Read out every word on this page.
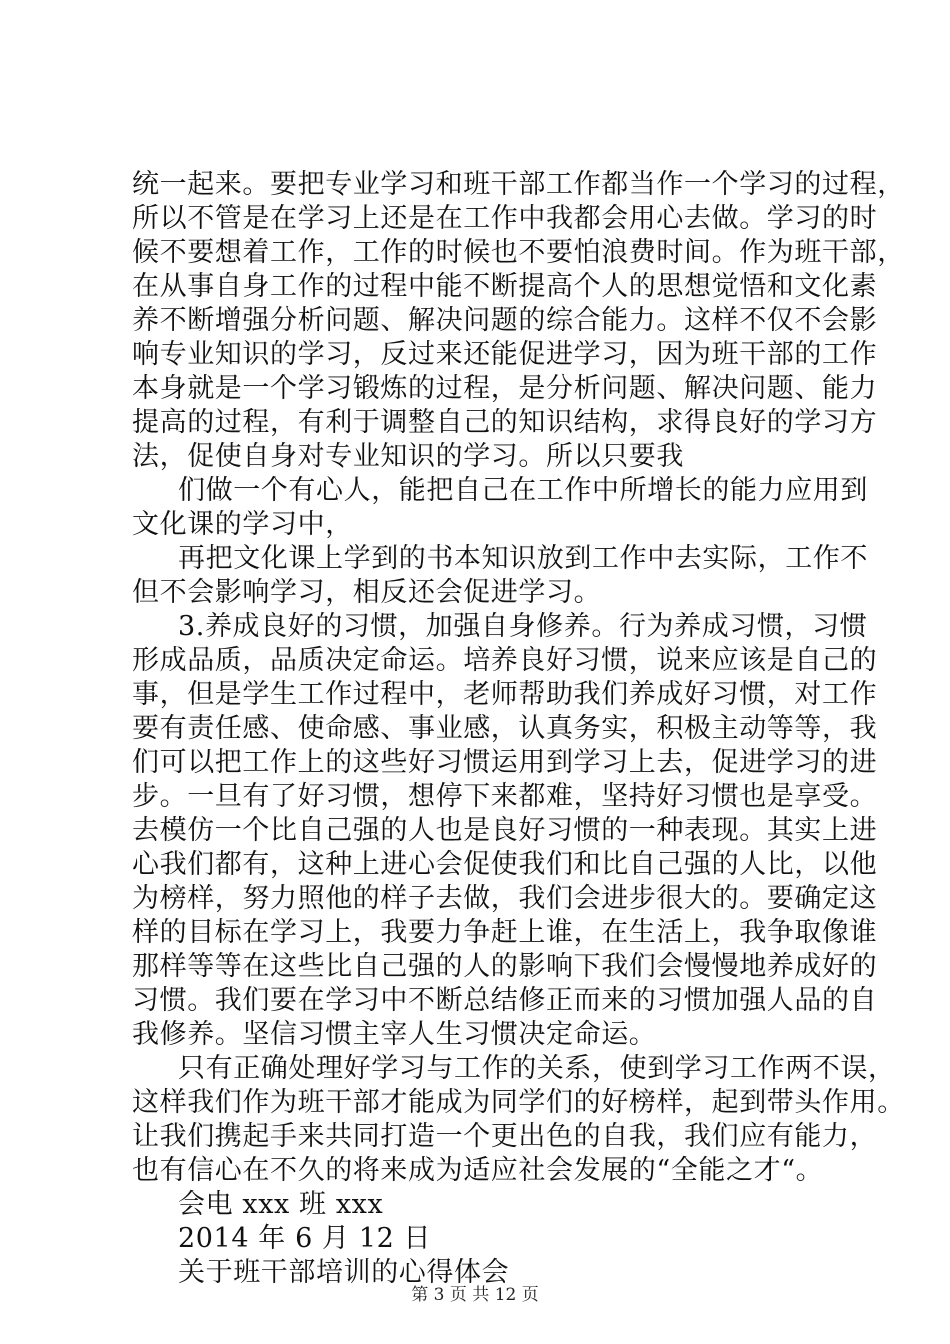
统一起来。要把专业学习和班干部工作都当作一个学习的过程，
所以不管是在学习上还是在工作中我都会用心去做。学习的时
候不要想着工作，工作的时候也不要怕浪费时间。作为班干部，
在从事自身工作的过程中能不断提高个人的思想觉悟和文化素
养不断增强分析问题、解决问题的综合能力。这样不仅不会影
响专业知识的学习，反过来还能促进学习，因为班干部的工作
本身就是一个学习锻炼的过程，是分析问题、解决问题、能力
提高的过程，有利于调整自己的知识结构，求得良好的学习方
法，促使自身对专业知识的学习。所以只要我
们做一个有心人，能把自己在工作中所增长的能力应用到
文化课的学习中，
再把文化课上学到的书本知识放到工作中去实际，工作不
但不会影响学习，相反还会促进学习。
3.养成良好的习惯，加强自身修养。行为养成习惯，习惯
形成品质，品质决定命运。培养良好习惯，说来应该是自己的
事，但是学生工作过程中，老师帮助我们养成好习惯，对工作
要有责任感、使命感、事业感，认真务实，积极主动等等，我
们可以把工作上的这些好习惯运用到学习上去，促进学习的进
步。一旦有了好习惯，想停下来都难，坚持好习惯也是享受。
去模仿一个比自己强的人也是良好习惯的一种表现。其实上进
心我们都有，这种上进心会促使我们和比自己强的人比，以他
为榜样，努力照他的样子去做，我们会进步很大的。要确定这
样的目标在学习上，我要力争赶上谁，在生活上，我争取像谁
那样等等在这些比自己强的人的影响下我们会慢慢地养成好的
习惯。我们要在学习中不断总结修正而来的习惯加强人品的自
我修养。坚信习惯主宰人生习惯决定命运。
只有正确处理好学习与工作的关系，使到学习工作两不误，
这样我们作为班干部才能成为同学们的好榜样，起到带头作用。
让我们携起手来共同打造一个更出色的自我，我们应有能力，
也有信心在不久的将来成为适应社会发展的“全能之才“。
会电 xxx 班 xxx
2014 年 6 月 12 日
关于班干部培训的心得体会
第 3 页 共 12 页
